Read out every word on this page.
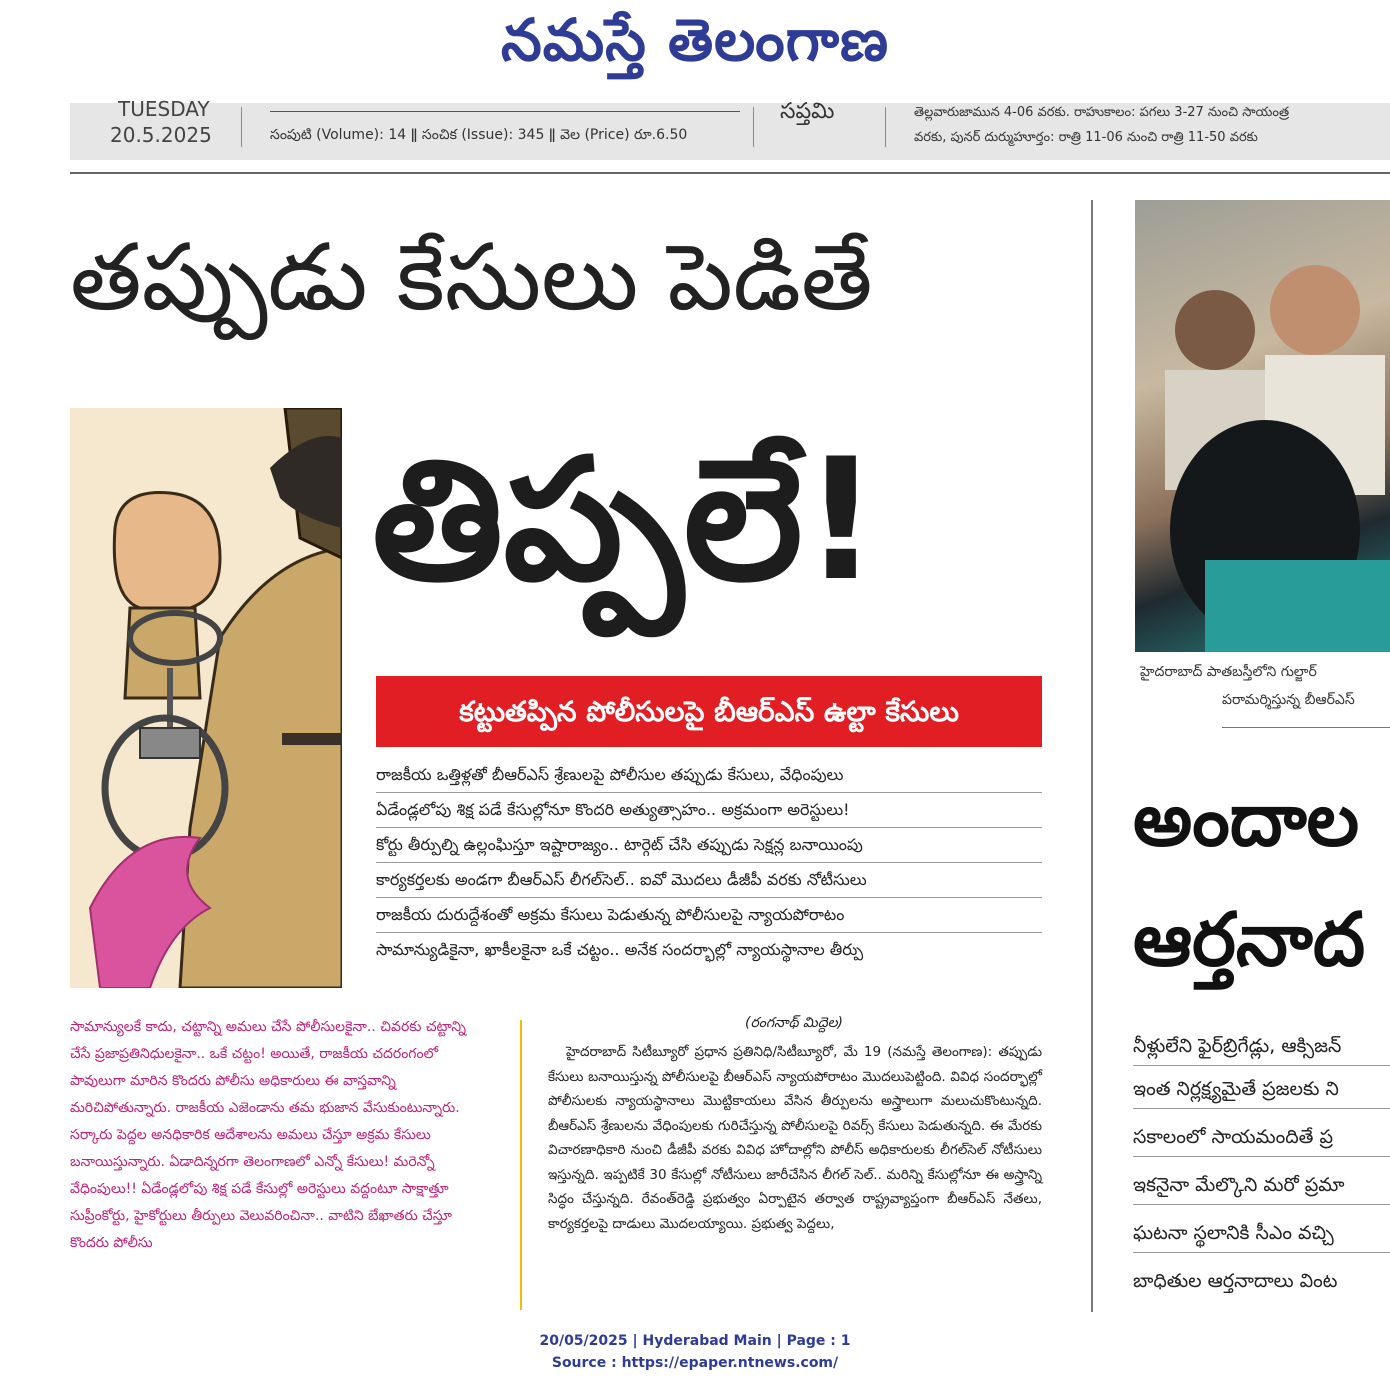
నమస్తే తెలంగాణ
TUESDAY
20.5.2025	సంపుటి (Volume): 14 ǁ సంచిక (Issue): 345 ǁ వెల (Price) రూ.6.50
సప్తమి	తెల్లవారుజామున 4-06 వరకు. రాహుకాలం: పగలు 3-27 నుంచి సాయంత్ర
వరకు, పునర్ దుర్ముహూర్తం: రాత్రి 11-06 నుంచి రాత్రి 11-50 వరకు
తప్పుడు కేసులు పెడితే
తిప్పలే!
కట్టుతప్పిన పోలీసులపై బీఆర్ఎస్ ఉల్టా కేసులు
రాజకీయ ఒత్తిళ్లతో బీఆర్ఎస్ శ్రేణులపై పోలీసుల తప్పుడు కేసులు, వేధింపులు
ఏడేండ్లలోపు శిక్ష పడే కేసుల్లోనూ కొందరి అత్యుత్సాహం.. అక్రమంగా అరెస్టులు!
కోర్టు తీర్పుల్ని ఉల్లంఘిస్తూ ఇష్టారాజ్యం.. టార్గెట్ చేసి తప్పుడు సెక్షన్ల బనాయింపు
కార్యకర్తలకు అండగా బీఆర్ఎస్ లీగల్‌సెల్.. ఐవో మొదలు డీజీపీ వరకు నోటీసులు
రాజకీయ దురుద్దేశంతో అక్రమ కేసులు పెడుతున్న పోలీసులపై న్యాయపోరాటం
సామాన్యుడికైనా, ఖాకీలకైనా ఒకే చట్టం.. అనేక సందర్భాల్లో న్యాయస్థానాల తీర్పు

సామాన్యులకే కాదు, చట్టాన్ని అమలు చేసే పోలీసులకైనా.. చివరకు చట్టాన్ని చేసే ప్రజాప్రతినిధులకైనా.. ఒకే చట్టం! అయితే, రాజకీయ చదరంగంలో పావులుగా మారిన కొందరు పోలీసు అధికారులు ఈ వాస్తవాన్ని మరిచిపోతున్నారు. రాజకీయ ఎజెండాను తమ భుజాన వేసుకుంటున్నారు. సర్కారు పెద్దల అనధికారిక ఆదేశాలను అమలు చేస్తూ అక్రమ కేసులు బనాయిస్తున్నారు. ఏడాదిన్నరగా తెలంగాణలో ఎన్నో కేసులు! మరెన్నో వేధింపులు!! ఏడేండ్లలోపు శిక్ష పడే కేసుల్లో అరెస్టులు వద్దంటూ సాక్షాత్తూ సుప్రీంకోర్టు, హైకోర్టులు తీర్పులు వెలువరించినా.. వాటిని బేఖాతరు చేస్తూ కొందరు పోలీసు

(రంగనాథ్ మిద్దెల)

హైదరాబాద్ సిటీబ్యూరో ప్రధాన ప్రతినిధి/సిటీబ్యూరో, మే 19 (నమస్తే తెలంగాణ): తప్పుడు కేసులు బనాయిస్తున్న పోలీసులపై బీఆర్ఎస్ న్యాయపోరాటం మొదలుపెట్టింది. వివిధ సందర్భాల్లో పోలీసులకు న్యాయస్థానాలు మొట్టికాయలు వేసిన తీర్పులను అస్త్రాలుగా మలుచుకొంటున్నది. బీఆర్ఎస్ శ్రేణులను వేధింపులకు గురిచేస్తున్న పోలీసులపై రివర్స్ కేసులు పెడుతున్నది. ఈ మేరకు విచారణాధికారి నుంచి డీజీపీ వరకు వివిధ హోదాల్లోని పోలీస్ అధికారులకు లీగల్‌సెల్ నోటీసులు ఇస్తున్నది. ఇప్పటికే 30 కేసుల్లో నోటీసులు జారీచేసిన లీగల్ సెల్.. మరిన్ని కేసుల్లోనూ ఈ అస్త్రాన్ని సిద్ధం చేస్తున్నది. రేవంత్‌రెడ్డి ప్రభుత్వం ఏర్పాటైన తర్వాత రాష్ట్రవ్యాప్తంగా బీఆర్ఎస్ నేతలు, కార్యకర్తలపై దాడులు మొదలయ్యాయి. ప్రభుత్వ పెద్దలు,

హైదరాబాద్ పాతబస్తీలోని గుల్జార్‌
పరామర్శిస్తున్న బీఆర్ఎస్
అందాల
ఆర్తనాద
నీళ్లులేని ఫైర్‌బ్రిగేడ్లు, ఆక్సిజన్
ఇంత నిర్లక్ష్యమైతే ప్రజలకు ని
సకాలంలో సాయమందితే ప్ర
ఇకనైనా మేల్కొని మరో ప్రమా
ఘటనా స్థలానికి సీఎం వచ్చి
బాధితుల ఆర్తనాదాలు వింట
20/05/2025 | Hyderabad Main | Page : 1
Source : https://epaper.ntnews.com/
